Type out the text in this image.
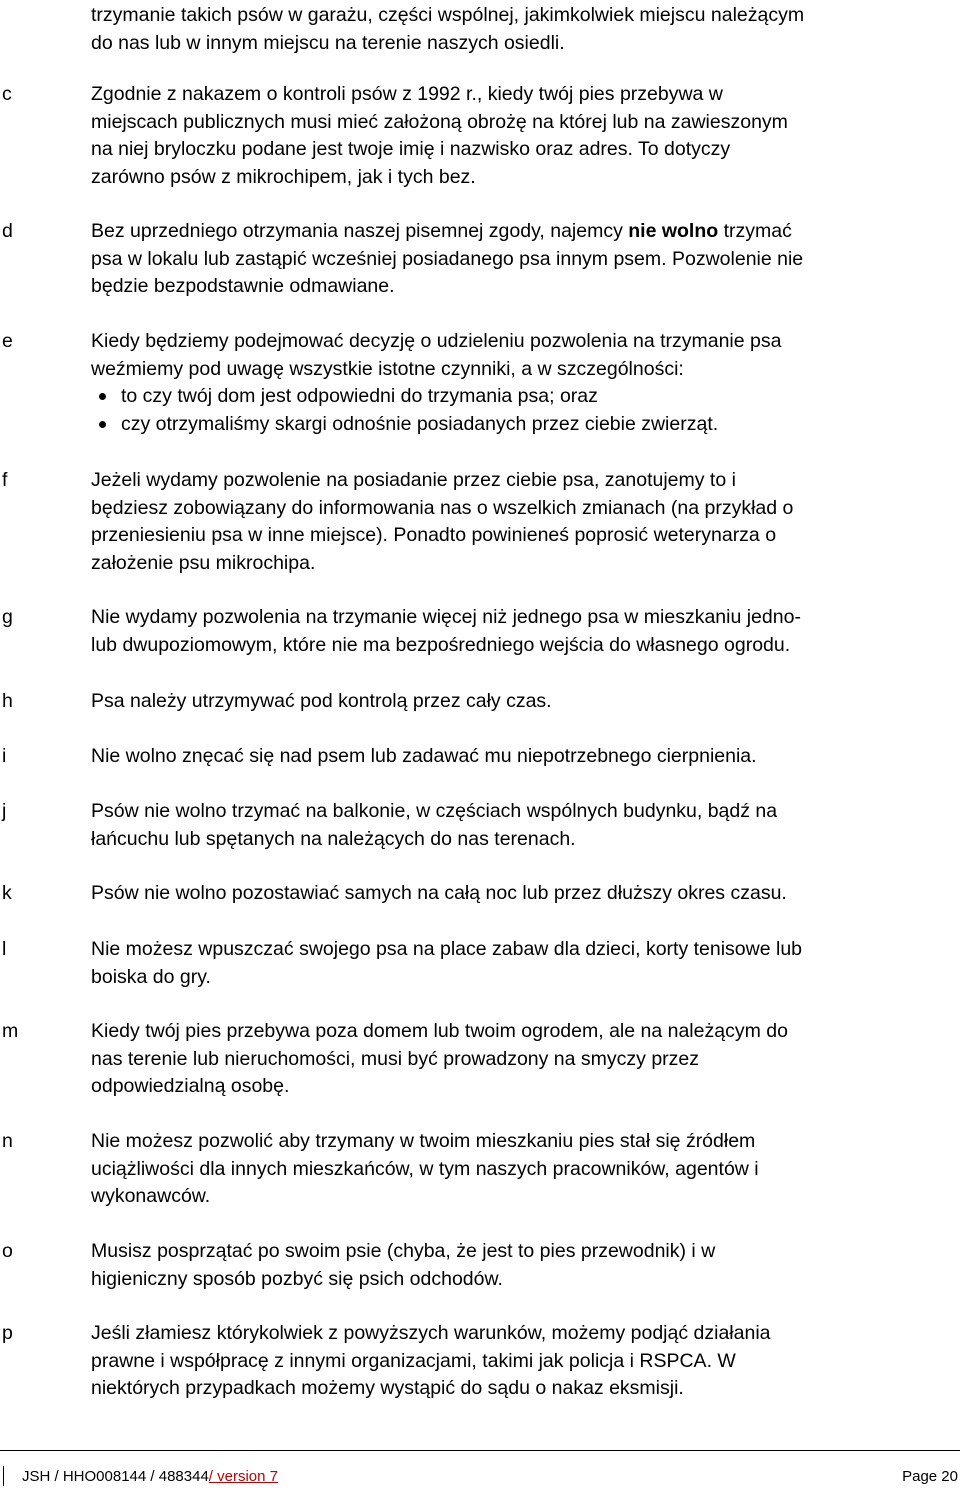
trzymanie takich psów w garażu, części wspólnej, jakimkolwiek miejscu należącym
do nas lub w innym miejscu na terenie naszych osiedli.

c	Zgodnie z nakazem o kontroli psów z 1992 r., kiedy twój pies przebywa w
miejscach publicznych musi mieć założoną obrożę na której lub na zawieszonym
na niej bryloczku podane jest twoje imię i nazwisko oraz adres. To dotyczy
zarówno psów z mikrochipem, jak i tych bez.

d	Bez uprzedniego otrzymania naszej pisemnej zgody, najemcy nie wolno trzymać
psa w lokalu lub zastąpić wcześniej posiadanego psa innym psem. Pozwolenie nie
będzie bezpodstawnie odmawiane.

e	Kiedy będziemy podejmować decyzję o udzieleniu pozwolenia na trzymanie psa
weźmiemy pod uwagę wszystkie istotne czynniki, a w szczególności:

to czy twój dom jest odpowiedni do trzymania psa; oraz
czy otrzymaliśmy skargi odnośnie posiadanych przez ciebie zwierząt.
f	Jeżeli wydamy pozwolenie na posiadanie przez ciebie psa, zanotujemy to i
będziesz zobowiązany do informowania nas o wszelkich zmianach (na przykład o
przeniesieniu psa w inne miejsce). Ponadto powinieneś poprosić weterynarza o
założenie psu mikrochipa.

g	Nie wydamy pozwolenia na trzymanie więcej niż jednego psa w mieszkaniu jedno-
lub dwupoziomowym, które nie ma bezpośredniego wejścia do własnego ogrodu.

h	Psa należy utrzymywać pod kontrolą przez cały czas.

i	Nie wolno znęcać się nad psem lub zadawać mu niepotrzebnego cierpnienia.

j	Psów nie wolno trzymać na balkonie, w częściach wspólnych budynku, bądź na
łańcuchu lub spętanych na należących do nas terenach.

k	Psów nie wolno pozostawiać samych na całą noc lub przez dłuższy okres czasu.

l	Nie możesz wpuszczać swojego psa na place zabaw dla dzieci, korty tenisowe lub
boiska do gry.

m	Kiedy twój pies przebywa poza domem lub twoim ogrodem, ale na należącym do
nas terenie lub nieruchomości, musi być prowadzony na smyczy przez
odpowiedzialną osobę.

n	Nie możesz pozwolić aby trzymany w twoim mieszkaniu pies stał się źródłem
uciążliwości dla innych mieszkańców, w tym naszych pracowników, agentów i
wykonawców.

o	Musisz posprzątać po swoim psie (chyba, że jest to pies przewodnik) i w
higieniczny sposób pozbyć się psich odchodów.

p	Jeśli złamiesz którykolwiek z powyższych warunków, możemy podjąć działania
prawne i współpracę z innymi organizacjami, takimi jak policja i RSPCA. W
niektórych przypadkach możemy wystąpić do sądu o nakaz eksmisji.

JSH / HHO008144 / 488344/ version 7	Page 20
